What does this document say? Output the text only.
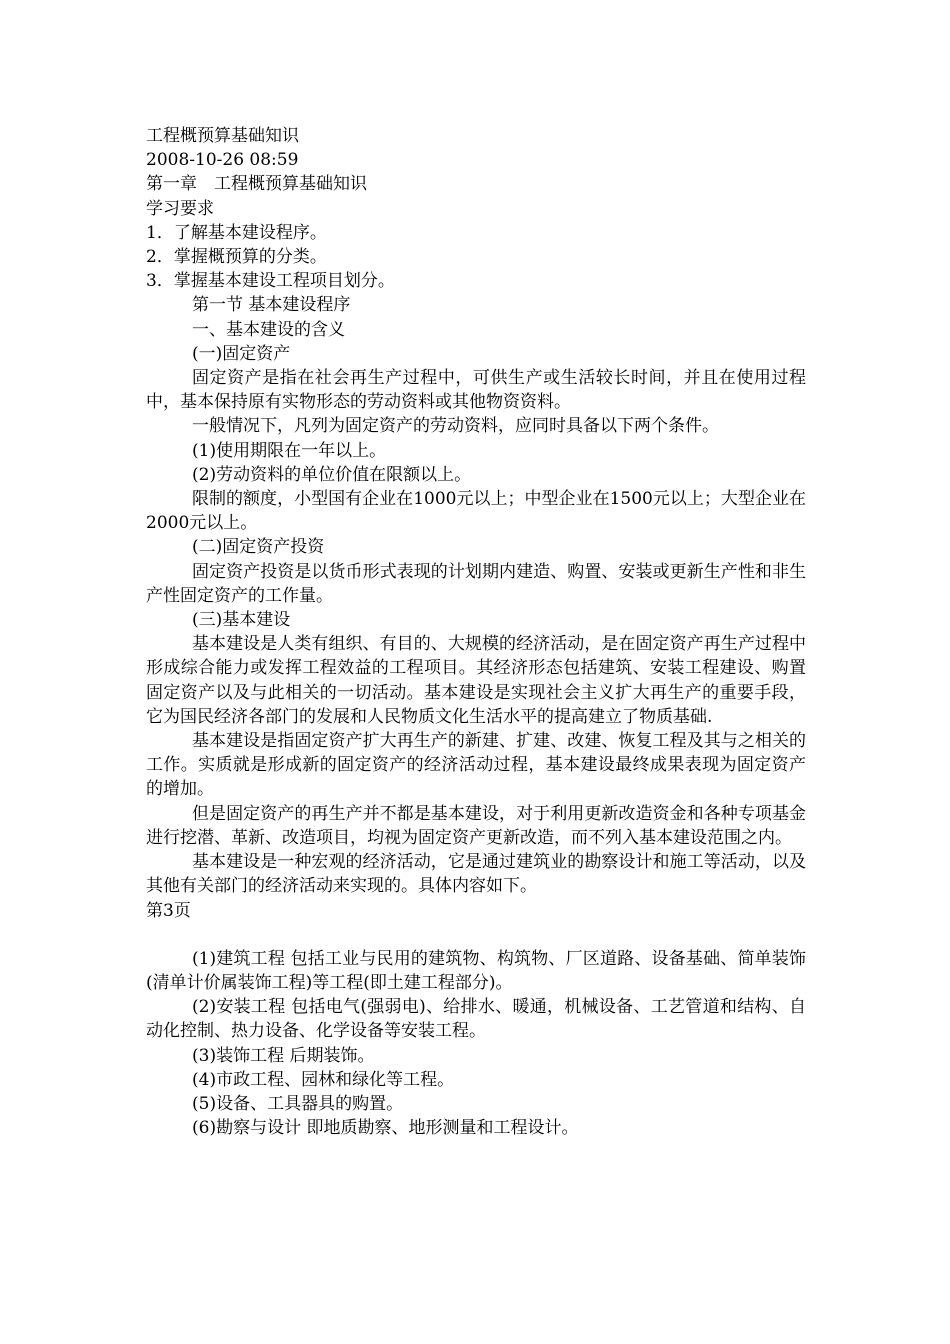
工程概预算基础知识
2008-10-26 08:59
第一章　工程概预算基础知识
学习要求
1．了解基本建设程序。
2．掌握概预算的分类。
3．掌握基本建设工程项目划分。
第一节 基本建设程序
一、基本建设的含义
(一)固定资产
固定资产是指在社会再生产过程中，可供生产或生活较长时间，并且在使用过程中，基本保持原有实物形态的劳动资料或其他物资资料。
一般情况下，凡列为固定资产的劳动资料，应同时具备以下两个条件。
(1)使用期限在一年以上。
(2)劳动资料的单位价值在限额以上。
限制的额度，小型国有企业在1000元以上；中型企业在1500元以上；大型企业在2000元以上。
(二)固定资产投资
固定资产投资是以货币形式表现的计划期内建造、购置、安装或更新生产性和非生产性固定资产的工作量。
(三)基本建设
基本建设是人类有组织、有目的、大规模的经济活动，是在固定资产再生产过程中形成综合能力或发挥工程效益的工程项目。其经济形态包括建筑、安装工程建设、购置固定资产以及与此相关的一切活动。基本建设是实现社会主义扩大再生产的重要手段，它为国民经济各部门的发展和人民物质文化生活水平的提高建立了物质基础.
基本建设是指固定资产扩大再生产的新建、扩建、改建、恢复工程及其与之相关的工作。实质就是形成新的固定资产的经济活动过程，基本建设最终成果表现为固定资产的增加。
但是固定资产的再生产并不都是基本建设，对于利用更新改造资金和各种专项基金进行挖潜、革新、改造项目，均视为固定资产更新改造，而不列入基本建设范围之内。
基本建设是一种宏观的经济活动，它是通过建筑业的勘察设计和施工等活动，以及其他有关部门的经济活动来实现的。具体内容如下。
第3页
(1)建筑工程 包括工业与民用的建筑物、构筑物、厂区道路、设备基础、简单装饰(清单计价属装饰工程)等工程(即土建工程部分)。
(2)安装工程 包括电气(强弱电)、给排水、暖通，机械设备、工艺管道和结构、自动化控制、热力设备、化学设备等安装工程。
(3)装饰工程 后期装饰。
(4)市政工程、园林和绿化等工程。
(5)设备、工具器具的购置。
(6)勘察与设计 即地质勘察、地形测量和工程设计。
